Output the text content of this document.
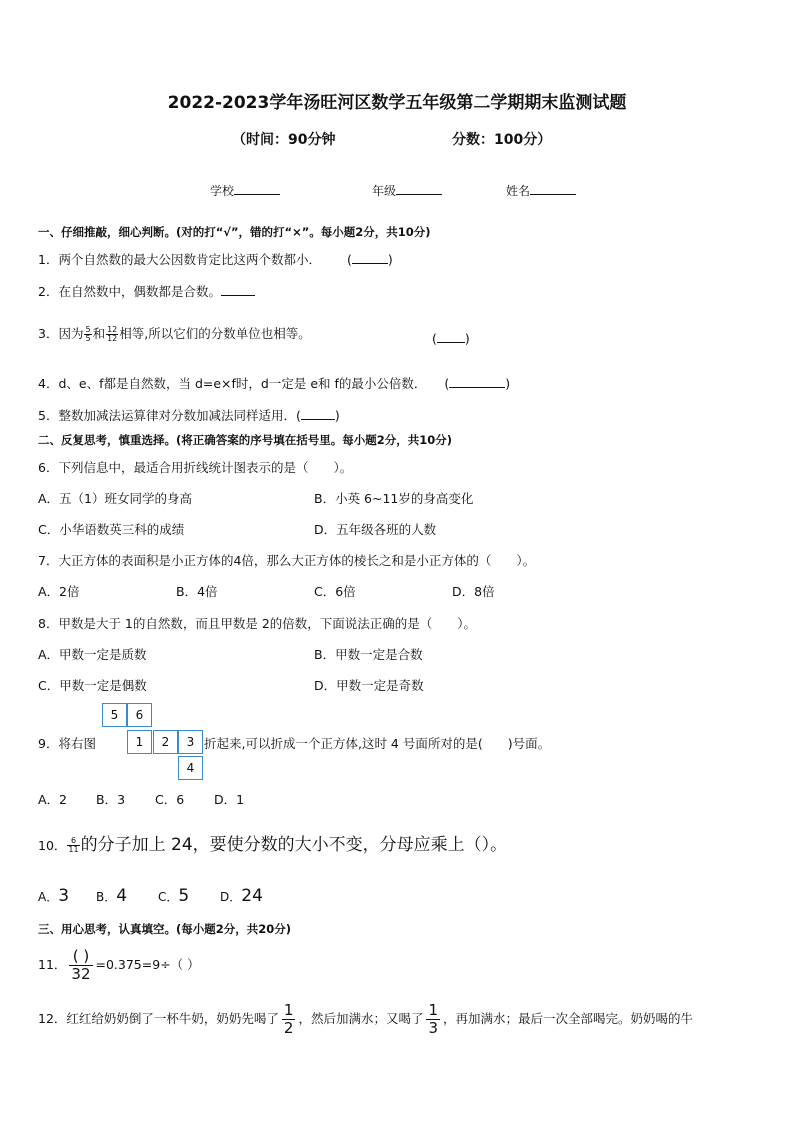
2022-2023学年汤旺河区数学五年级第二学期期末监测试题
（时间：90分钟	分数：100分）
学校	年级	姓名
一、仔细推敲，细心判断。(对的打“√”，错的打“×”。每小题2分，共10分)
1．两个自然数的最大公因数肯定比这两个数都小． (	)
2．在自然数中，偶数都是合数。
3．因为 $\frac{5}{5}$ 和 $\frac{12}{12}$ 相等,所以它们的分数单位也相等。	( )
4．d、e、f都是自然数，当 d=e×f时，d一定是 e和 f的最小公倍数． (	)
5．整数加减法运算律对分数加减法同样适用．(	)
二、反复思考，慎重选择。(将正确答案的序号填在括号里。每小题2分，共10分)
6．下列信息中，最适合用折线统计图表示的是（　　）。
A．五（1）班女同学的身高	B．小英 6~11岁的身高变化
C．小华语数英三科的成绩	D．五年级各班的人数
7．大正方体的表面积是小正方体的4倍，那么大正方体的棱长之和是小正方体的（　　）。
A．2倍	B．4倍	C．6倍	D．8倍
8．甲数是大于 1的自然数，而且甲数是 2的倍数，下面说法正确的是（　　）。
A．甲数一定是质数	B．甲数一定是合数
C．甲数一定是偶数	D．甲数一定是奇数
9．将右图
5	6
1	2	3
4
折起来,可以折成一个正方体,这时 4 号面所对的是(　　)号面。
A．2 B．3 C．6 D．1
10． $\frac{6}{11}$ 的分子加上 24，要使分数的大小不变，分母应乘上（）。
A．3 B．4	C．5	D．24
三、用心思考，认真填空。(每小题2分，共20分)
11． $\frac{( )}{32} =0.375=9\div$（ ）
12．红红给奶奶倒了一杯牛奶，奶奶先喝了 $\frac{1}{2}$ ，然后加满水；又喝了 $\frac{1}{3}$ ，再加满水；最后一次全部喝完。奶奶喝的牛
